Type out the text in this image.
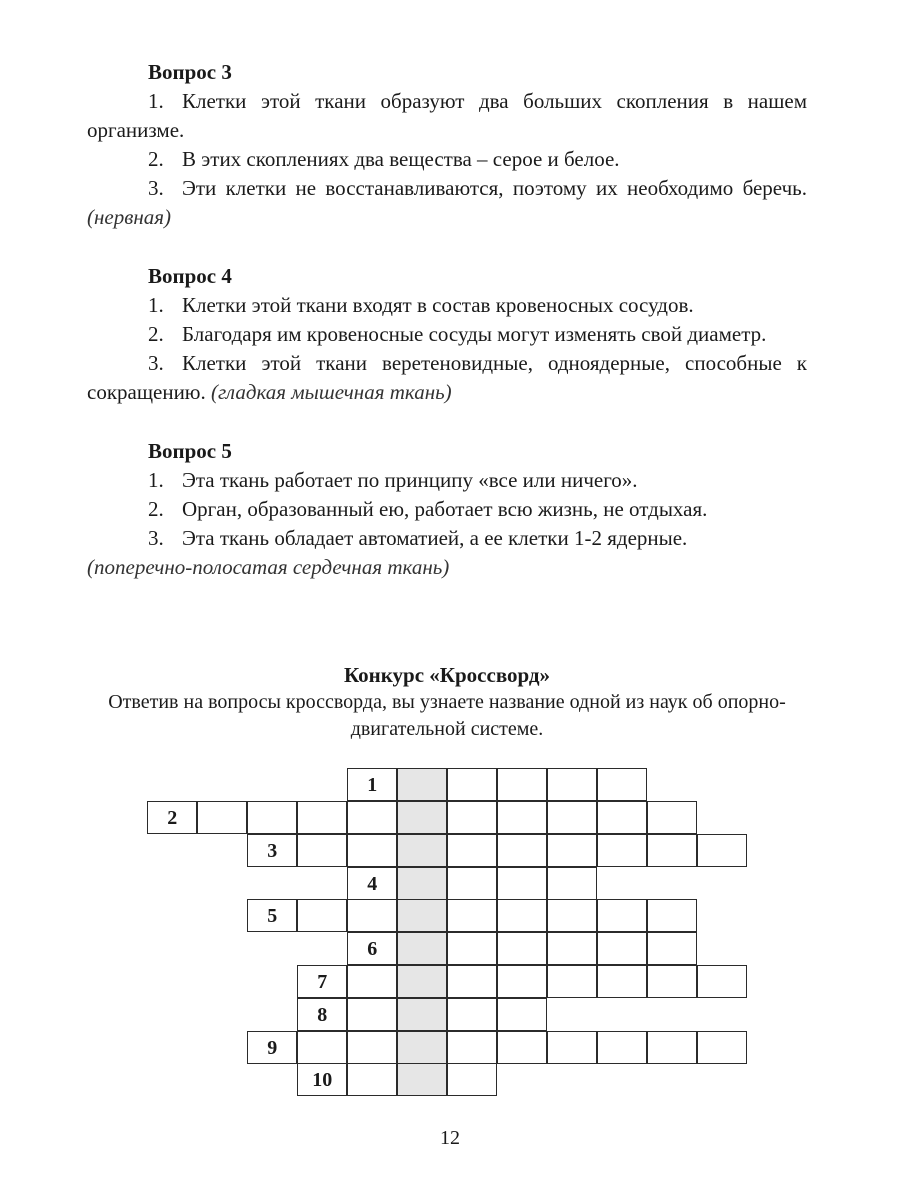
Вопрос 3
1. Клетки этой ткани образуют два больших скопления в нашем организме.
2. В этих скоплениях два вещества – серое и белое.
3. Эти клетки не восстанавливаются, поэтому их необходимо беречь. (нервная)
Вопрос 4
1. Клетки этой ткани входят в состав кровеносных сосудов.
2. Благодаря им кровеносные сосуды могут изменять свой диаметр.
3. Клетки этой ткани веретеновидные, одноядерные, способные к сокращению. (гладкая мышечная ткань)
Вопрос 5
1. Эта ткань работает по принципу «все или ничего».
2. Орган, образованный ею, работает всю жизнь, не отдыхая.
3. Эта ткань обладает автоматией, а ее клетки 1-2 ядерные.
(поперечно-полосатая сердечная ткань)
Конкурс «Кроссворд»
Ответив на вопросы кроссворда, вы узнаете название одной из наук об опорно-двигательной системе.
1
2
3
4
5
6
7
8
9
10
12
